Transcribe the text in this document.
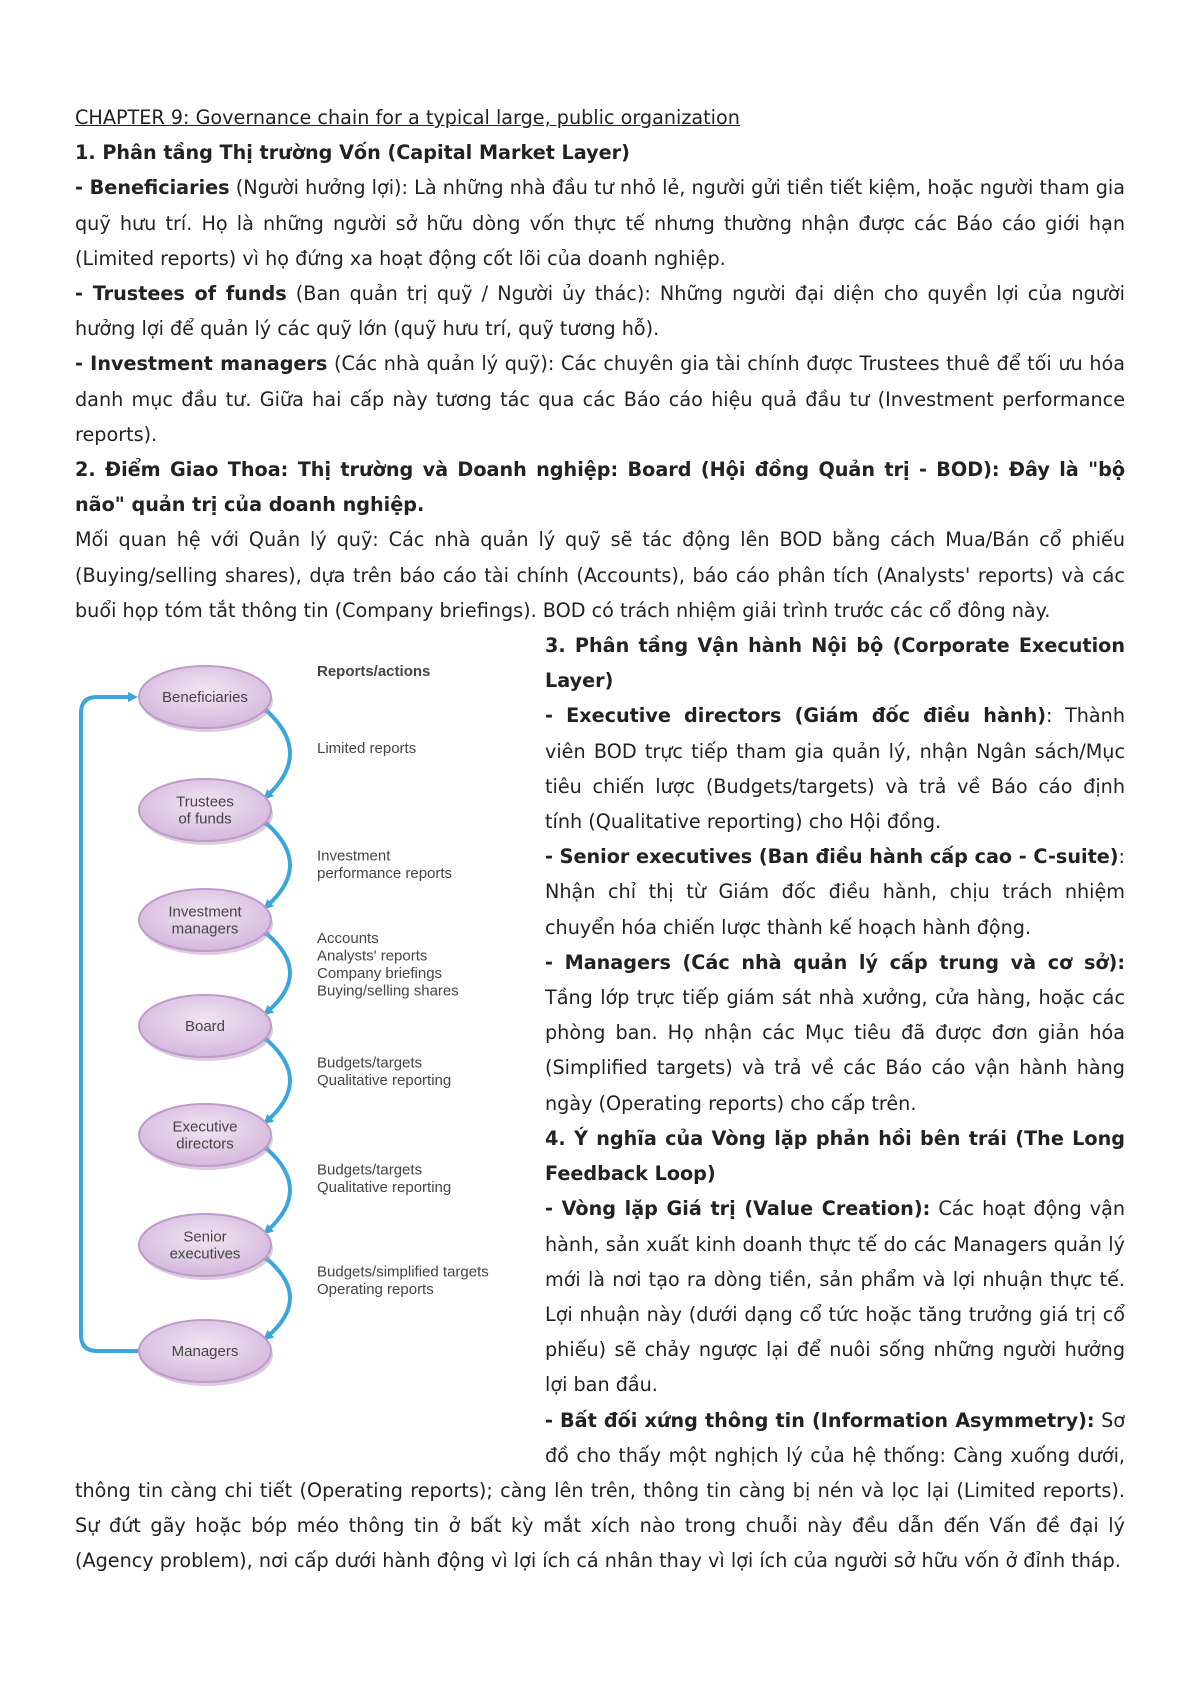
CHAPTER 9: Governance chain for a typical large, public organization

1. Phân tầng Thị trường Vốn (Capital Market Layer)

- Beneficiaries (Người hưởng lợi): Là những nhà đầu tư nhỏ lẻ, người gửi tiền tiết kiệm, hoặc người tham gia quỹ hưu trí. Họ là những người sở hữu dòng vốn thực tế nhưng thường nhận được các Báo cáo giới hạn (Limited reports) vì họ đứng xa hoạt động cốt lõi của doanh nghiệp.

- Trustees of funds (Ban quản trị quỹ / Người ủy thác): Những người đại diện cho quyền lợi của người hưởng lợi để quản lý các quỹ lớn (quỹ hưu trí, quỹ tương hỗ).

- Investment managers (Các nhà quản lý quỹ): Các chuyên gia tài chính được Trustees thuê để tối ưu hóa danh mục đầu tư. Giữa hai cấp này tương tác qua các Báo cáo hiệu quả đầu tư (Investment performance reports).

2. Điểm Giao Thoa: Thị trường và Doanh nghiệp: Board (Hội đồng Quản trị - BOD): Đây là "bộ não" quản trị của doanh nghiệp.

Mối quan hệ với Quản lý quỹ: Các nhà quản lý quỹ sẽ tác động lên BOD bằng cách Mua/Bán cổ phiếu (Buying/selling shares), dựa trên báo cáo tài chính (Accounts), báo cáo phân tích (Analysts' reports) và các buổi họp tóm tắt thông tin (Company briefings). BOD có trách nhiệm giải trình trước các cổ đông này.

Reports/actions
Beneficiaries
Trustees
of funds
Investment
managers
Board
Executive
directors
Senior
executives
Managers
Limited reports
Investment
performance reports
Accounts
Analysts' reports
Company briefings
Buying/selling shares
Budgets/targets
Qualitative reporting
Budgets/targets
Qualitative reporting
Budgets/simplified targets
Operating reports

3. Phân tầng Vận hành Nội bộ (Corporate Execution Layer)

- Executive directors (Giám đốc điều hành): Thành viên BOD trực tiếp tham gia quản lý, nhận Ngân sách/Mục tiêu chiến lược (Budgets/targets) và trả về Báo cáo định tính (Qualitative reporting) cho Hội đồng.

- Senior executives (Ban điều hành cấp cao - C-suite): Nhận chỉ thị từ Giám đốc điều hành, chịu trách nhiệm chuyển hóa chiến lược thành kế hoạch hành động.

- Managers (Các nhà quản lý cấp trung và cơ sở): Tầng lớp trực tiếp giám sát nhà xưởng, cửa hàng, hoặc các phòng ban. Họ nhận các Mục tiêu đã được đơn giản hóa (Simplified targets) và trả về các Báo cáo vận hành hàng ngày (Operating reports) cho cấp trên.

4. Ý nghĩa của Vòng lặp phản hồi bên trái (The Long Feedback Loop)

- Vòng lặp Giá trị (Value Creation): Các hoạt động vận hành, sản xuất kinh doanh thực tế do các Managers quản lý mới là nơi tạo ra dòng tiền, sản phẩm và lợi nhuận thực tế. Lợi nhuận này (dưới dạng cổ tức hoặc tăng trưởng giá trị cổ phiếu) sẽ chảy ngược lại để nuôi sống những người hưởng lợi ban đầu.

- Bất đối xứng thông tin (Information Asymmetry): Sơ đồ cho thấy một nghịch lý của hệ thống: Càng xuống dưới, thông tin càng chi tiết (Operating reports); càng lên trên, thông tin càng bị nén và lọc lại (Limited reports). Sự đứt gãy hoặc bóp méo thông tin ở bất kỳ mắt xích nào trong chuỗi này đều dẫn đến Vấn đề đại lý (Agency problem), nơi cấp dưới hành động vì lợi ích cá nhân thay vì lợi ích của người sở hữu vốn ở đỉnh tháp.
